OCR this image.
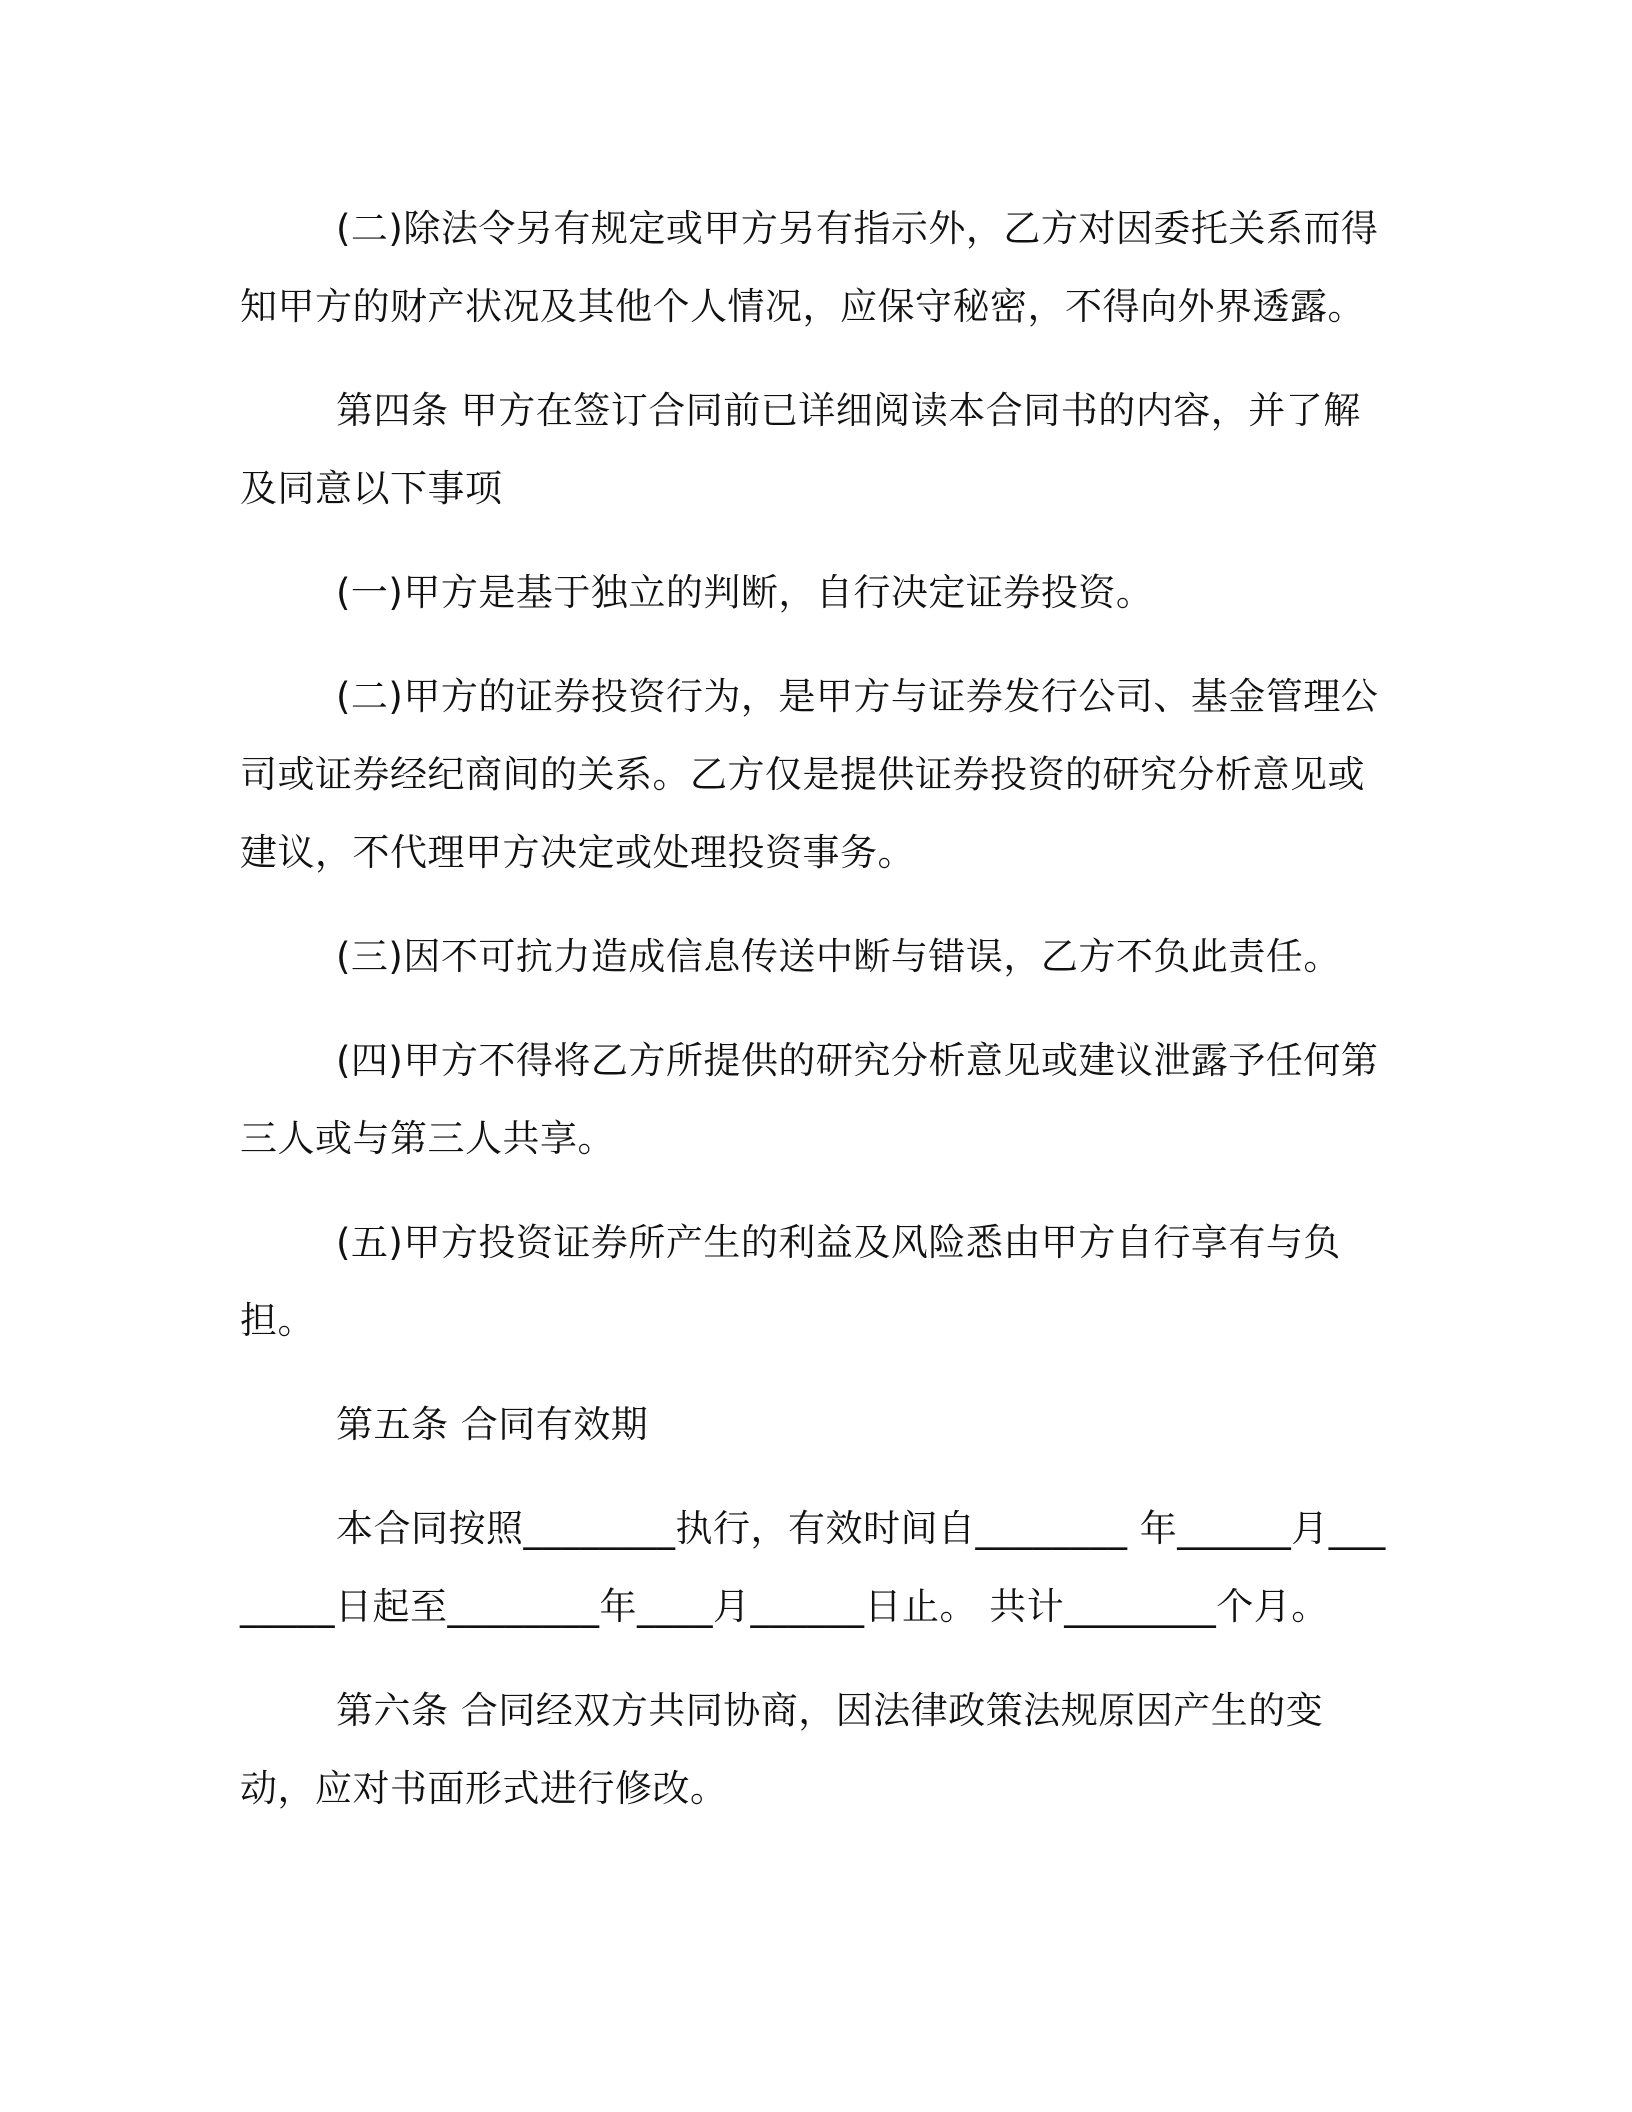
(二)除法令另有规定或甲方另有指示外，乙方对因委托关系而得知甲方的财产状况及其他个人情况，应保守秘密，不得向外界透露。

第四条 甲方在签订合同前已详细阅读本合同书的内容，并了解及同意以下事项

(一)甲方是基于独立的判断，自行决定证券投资。

(二)甲方的证券投资行为，是甲方与证券发行公司、基金管理公司或证券经纪商间的关系。乙方仅是提供证券投资的研究分析意见或建议，不代理甲方决定或处理投资事务。

(三)因不可抗力造成信息传送中断与错误，乙方不负此责任。

(四)甲方不得将乙方所提供的研究分析意见或建议泄露予任何第三人或与第三人共享。

(五)甲方投资证券所产生的利益及风险悉由甲方自行享有与负担。

第五条 合同有效期

本合同按照________执行，有效时间自________ 年______月________日起至________年____月______日止。 共计________个月。

第六条 合同经双方共同协商，因法律政策法规原因产生的变动，应对书面形式进行修改。
